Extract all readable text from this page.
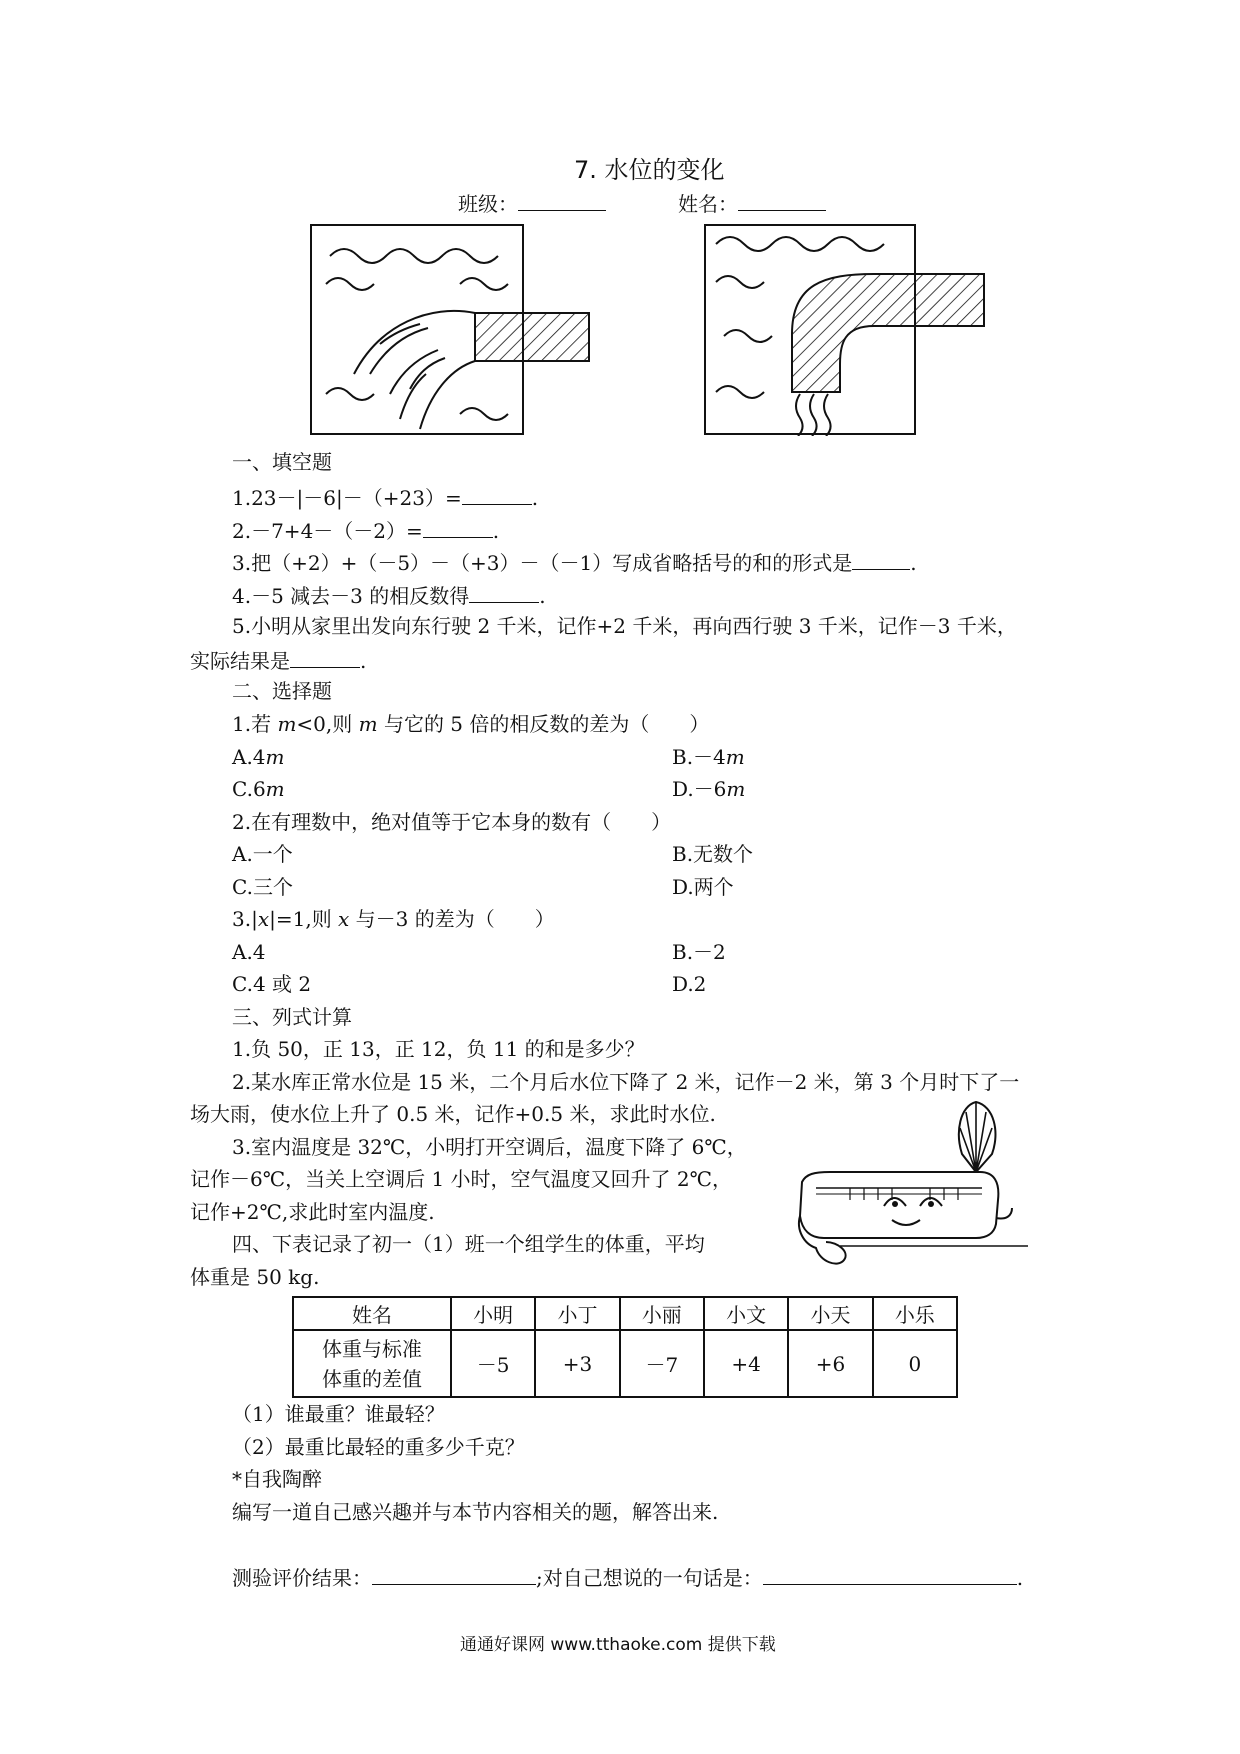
7. 水位的变化
班级：	姓名：
一、填空题
1.23－|－6|－（+23）=	.
2.－7+4－（－2）=	.
3.把（+2）+（－5）－（+3）－（－1）写成省略括号的和的形式是	.
4.－5 减去－3 的相反数得	.
5.小明从家里出发向东行驶 2 千米，记作+2 千米，再向西行驶 3 千米，记作－3 千米，
实际结果是	.
二、选择题
1.若 m<0,则 m 与它的 5 倍的相反数的差为（　　）
A.4m	B.－4m
C.6m	D.－6m
2.在有理数中，绝对值等于它本身的数有（　　）
A.一个	B.无数个
C.三个	D.两个
3.|x|=1,则 x 与－3 的差为（　　）
A.4	B.－2
C.4 或 2	D.2
三、列式计算
1.负 50，正 13，正 12，负 11 的和是多少？
2.某水库正常水位是 15 米，二个月后水位下降了 2 米，记作－2 米，第 3 个月时下了一
场大雨，使水位上升了 0.5 米，记作+0.5 米，求此时水位.
3.室内温度是 32℃，小明打开空调后，温度下降了 6℃，
记作－6℃，当关上空调后 1 小时，空气温度又回升了 2℃，
记作+2℃,求此时室内温度.
四、下表记录了初一（1）班一个组学生的体重，平均
体重是 50 kg.
姓名	小明	小丁	小丽	小文	小天	小乐

体重与标准
体重的差值	－5	+3	－7	+4	+6	0
（1）谁最重？谁最轻？
（2）最重比最轻的重多少千克？
*自我陶醉
编写一道自己感兴趣并与本节内容相关的题，解答出来.
测验评价结果：	;对自己想说的一句话是：	.
通通好课网 www.tthaoke.com 提供下载
